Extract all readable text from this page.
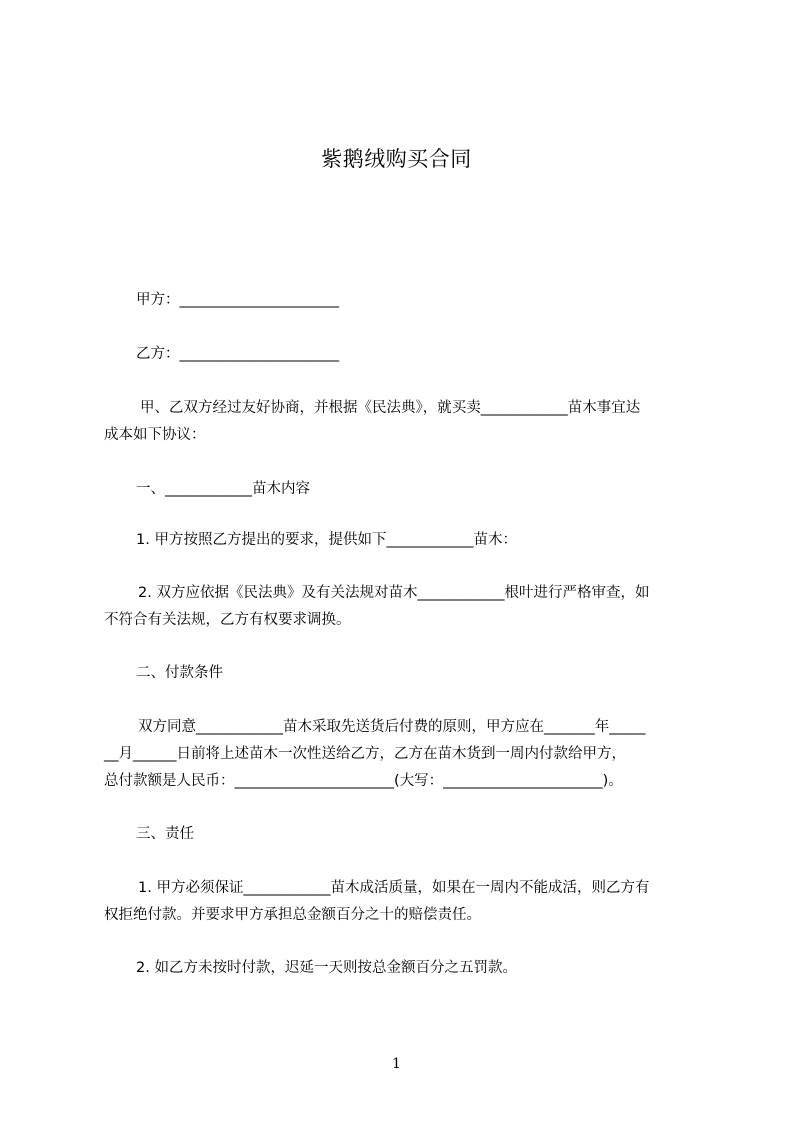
紫鹅绒购买合同
甲方：______________________
乙方：______________________
甲、乙双方经过友好协商，并根据《民法典》，就买卖____________苗木事宜达
成本如下协议：
一、____________苗木内容
1. 甲方按照乙方提出的要求，提供如下____________苗木：
2. 双方应依据《民法典》及有关法规对苗木____________根叶进行严格审查，如
不符合有关法规，乙方有权要求调换。
二、付款条件
双方同意____________苗木采取先送货后付费的原则，甲方应在_______年_____
__月______日前将上述苗木一次性送给乙方，乙方在苗木货到一周内付款给甲方，
总付款额是人民币：______________________(大写：______________________)。
三、责任
1. 甲方必须保证____________苗木成活质量，如果在一周内不能成活，则乙方有
权拒绝付款。并要求甲方承担总金额百分之十的赔偿责任。
2. 如乙方未按时付款，迟延一天则按总金额百分之五罚款。
1
